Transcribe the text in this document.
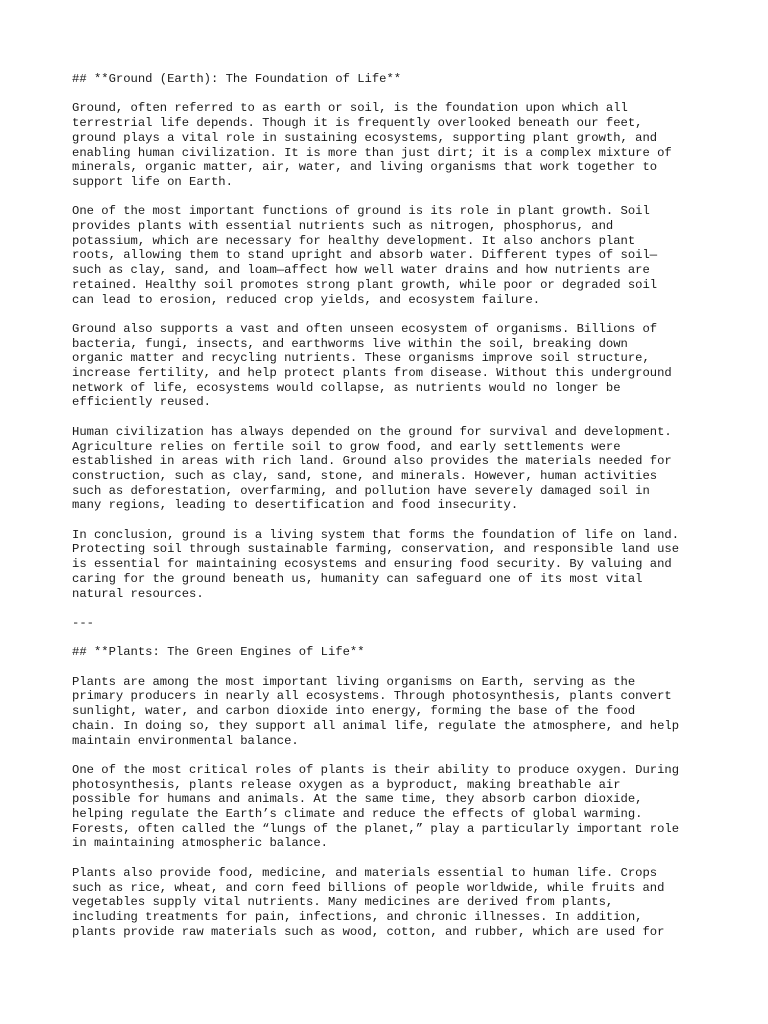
## **Ground (Earth): The Foundation of Life**
Ground, often referred to as earth or soil, is the foundation upon which all
terrestrial life depends. Though it is frequently overlooked beneath our feet,
ground plays a vital role in sustaining ecosystems, supporting plant growth, and
enabling human civilization. It is more than just dirt; it is a complex mixture of
minerals, organic matter, air, water, and living organisms that work together to
support life on Earth.
One of the most important functions of ground is its role in plant growth. Soil
provides plants with essential nutrients such as nitrogen, phosphorus, and
potassium, which are necessary for healthy development. It also anchors plant
roots, allowing them to stand upright and absorb water. Different types of soil—
such as clay, sand, and loam—affect how well water drains and how nutrients are
retained. Healthy soil promotes strong plant growth, while poor or degraded soil
can lead to erosion, reduced crop yields, and ecosystem failure.
Ground also supports a vast and often unseen ecosystem of organisms. Billions of
bacteria, fungi, insects, and earthworms live within the soil, breaking down
organic matter and recycling nutrients. These organisms improve soil structure,
increase fertility, and help protect plants from disease. Without this underground
network of life, ecosystems would collapse, as nutrients would no longer be
efficiently reused.
Human civilization has always depended on the ground for survival and development.
Agriculture relies on fertile soil to grow food, and early settlements were
established in areas with rich land. Ground also provides the materials needed for
construction, such as clay, sand, stone, and minerals. However, human activities
such as deforestation, overfarming, and pollution have severely damaged soil in
many regions, leading to desertification and food insecurity.
In conclusion, ground is a living system that forms the foundation of life on land.
Protecting soil through sustainable farming, conservation, and responsible land use
is essential for maintaining ecosystems and ensuring food security. By valuing and
caring for the ground beneath us, humanity can safeguard one of its most vital
natural resources.
---
## **Plants: The Green Engines of Life**
Plants are among the most important living organisms on Earth, serving as the
primary producers in nearly all ecosystems. Through photosynthesis, plants convert
sunlight, water, and carbon dioxide into energy, forming the base of the food
chain. In doing so, they support all animal life, regulate the atmosphere, and help
maintain environmental balance.
One of the most critical roles of plants is their ability to produce oxygen. During
photosynthesis, plants release oxygen as a byproduct, making breathable air
possible for humans and animals. At the same time, they absorb carbon dioxide,
helping regulate the Earth’s climate and reduce the effects of global warming.
Forests, often called the “lungs of the planet,” play a particularly important role
in maintaining atmospheric balance.
Plants also provide food, medicine, and materials essential to human life. Crops
such as rice, wheat, and corn feed billions of people worldwide, while fruits and
vegetables supply vital nutrients. Many medicines are derived from plants,
including treatments for pain, infections, and chronic illnesses. In addition,
plants provide raw materials such as wood, cotton, and rubber, which are used for
